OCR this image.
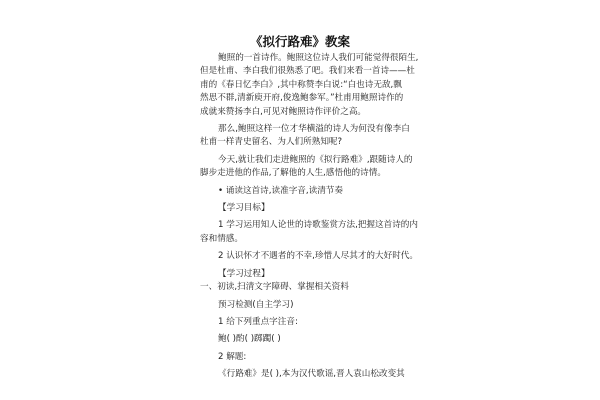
《拟行路难》教案

鲍照的一首诗作。鲍照这位诗人我们可能觉得很陌生,

但是杜甫、李白我们很熟悉了吧。我们来看一首诗——杜

甫的《春日忆李白》,其中称赞李白说:“白也诗无敌,飘

然思不群,清新庾开府,俊逸鲍参军。”杜甫用鲍照诗作的

成就来赞扬李白,可见对鲍照诗作评价之高。

那么,鲍照这样一位才华横溢的诗人为何没有像李白

杜甫一样青史留名、为人们所熟知呢?

今天,就让我们走进鲍照的《拟行路难》,跟随诗人的

脚步走进他的作品,了解他的人生,感悟他的诗情。

• 诵读这首诗,读准字音,读清节奏

【学习目标】

1 学习运用知人论世的诗歌鉴赏方法,把握这首诗的内

容和情感。

2 认识怀才不遇者的不幸,珍惜人尽其才的大好时代。

【学习过程】

一、初读,扫清文字障碍、掌握相关资料

预习检测(自主学习)

1 给下列重点字注音:

鲍( )酌( )踯躅( )

2 解题:

《行路难》是( ),本为汉代歌谣,晋人袁山松改变其
